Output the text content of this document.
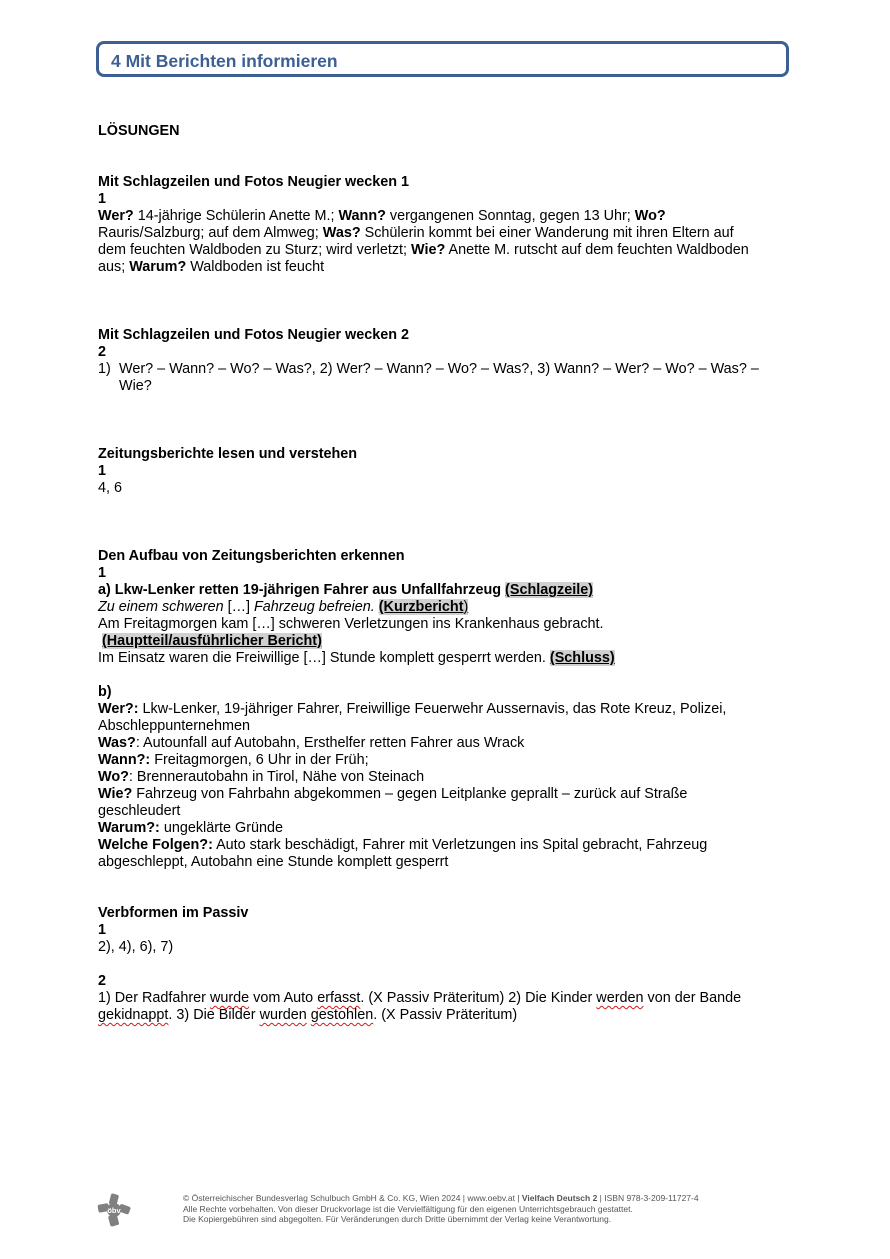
4 Mit Berichten informieren
LÖSUNGEN
Mit Schlagzeilen und Fotos Neugier wecken 1
1
Wer? 14-jährige Schülerin Anette M.; Wann? vergangenen Sonntag, gegen 13 Uhr; Wo?
Rauris/Salzburg; auf dem Almweg; Was? Schülerin kommt bei einer Wanderung mit ihren Eltern auf
dem feuchten Waldboden zu Sturz; wird verletzt; Wie? Anette M. rutscht auf dem feuchten Waldboden
aus; Warum? Waldboden ist feucht
Mit Schlagzeilen und Fotos Neugier wecken 2
2
1) Wer? – Wann? – Wo? – Was?, 2) Wer? – Wann? – Wo? – Was?, 3) Wann? – Wer? – Wo? – Was? –
Wie?
Zeitungsberichte lesen und verstehen
1
4, 6
Den Aufbau von Zeitungsberichten erkennen
1
a) Lkw-Lenker retten 19-jährigen Fahrer aus Unfallfahrzeug (Schlagzeile)
Zu einem schweren […] Fahrzeug befreien. (Kurzbericht)
Am Freitagmorgen kam […] schweren Verletzungen ins Krankenhaus gebracht.
(Hauptteil/ausführlicher Bericht)
Im Einsatz waren die Freiwillige […] Stunde komplett gesperrt werden. (Schluss)
b)
Wer?: Lkw-Lenker, 19-jähriger Fahrer, Freiwillige Feuerwehr Aussernavis, das Rote Kreuz, Polizei,
Abschleppunternehmen
Was?: Autounfall auf Autobahn, Ersthelfer retten Fahrer aus Wrack
Wann?: Freitagmorgen, 6 Uhr in der Früh;
Wo?: Brennerautobahn in Tirol, Nähe von Steinach
Wie? Fahrzeug von Fahrbahn abgekommen – gegen Leitplanke geprallt – zurück auf Straße
geschleudert
Warum?: ungeklärte Gründe
Welche Folgen?: Auto stark beschädigt, Fahrer mit Verletzungen ins Spital gebracht, Fahrzeug
abgeschleppt, Autobahn eine Stunde komplett gesperrt
Verbformen im Passiv
1
2), 4), 6), 7)
2
1) Der Radfahrer wurde vom Auto erfasst. (X Passiv Präteritum) 2) Die Kinder werden von der Bande
gekidnappt. 3) Die Bilder wurden gestohlen. (X Passiv Präteritum)
öbv
© Österreichischer Bundesverlag Schulbuch GmbH & Co. KG, Wien 2024 | www.oebv.at | Vielfach Deutsch 2 | ISBN 978-3-209-11727-4
Alle Rechte vorbehalten. Von dieser Druckvorlage ist die Vervielfältigung für den eigenen Unterrichtsgebrauch gestattet.
Die Kopiergebühren sind abgegolten. Für Veränderungen durch Dritte übernimmt der Verlag keine Verantwortung.
